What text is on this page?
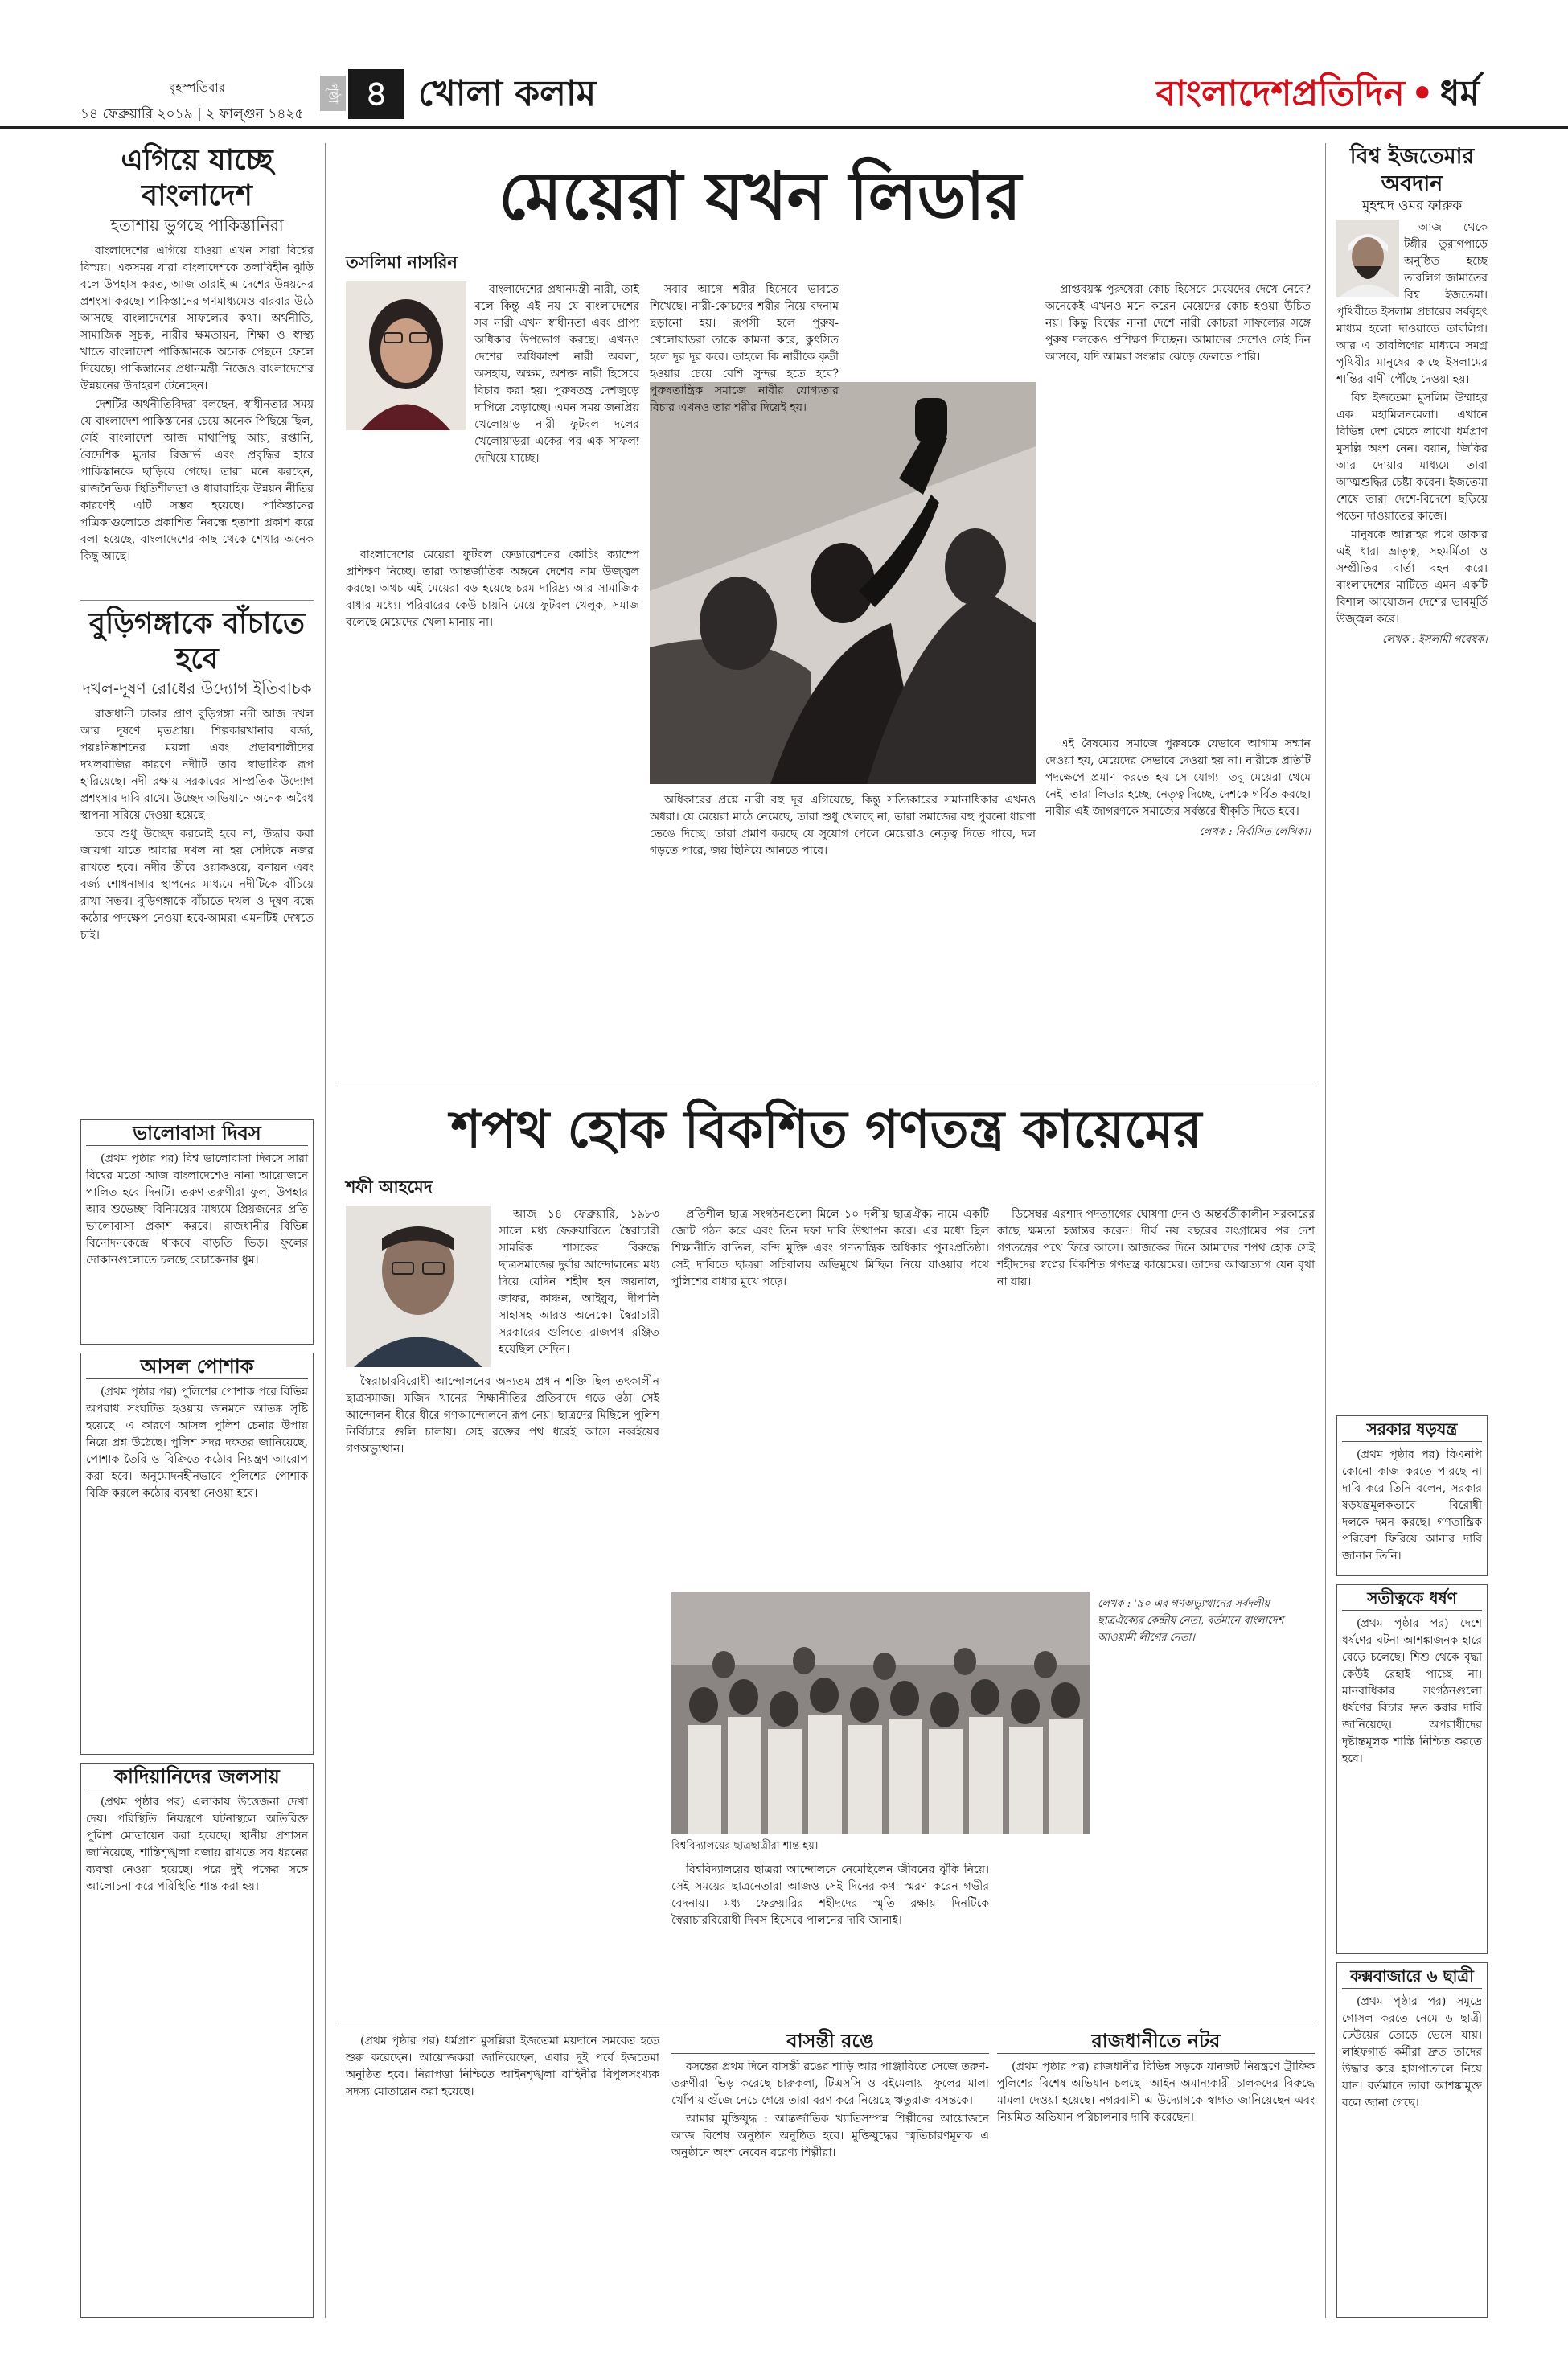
বৃহস্পতিবার
১৪ ফেব্রুয়ারি ২০১৯ | ২ ফাল্গুন ১৪২৫
পৃষ্ঠা ৪ খোলা কলাম	বাংলাদেশপ্রতিদিন • ধর্ম
এগিয়ে যাচ্ছে বাংলাদেশ
হতাশায় ভুগছে পাকিস্তানিরা
বাংলাদেশের এগিয়ে যাওয়া এখন সারা বিশ্বের বিস্ময়। একসময় যারা বাংলাদেশকে তলাবিহীন ঝুড়ি বলে উপহাস করত, আজ তারাই এ দেশের উন্নয়নের প্রশংসা করছে। পাকিস্তানের গণমাধ্যমেও বারবার উঠে আসছে বাংলাদেশের সাফল্যের কথা। অর্থনীতি, সামাজিক সূচক, নারীর ক্ষমতায়ন, শিক্ষা ও স্বাস্থ্য খাতে বাংলাদেশ পাকিস্তানকে অনেক পেছনে ফেলে দিয়েছে। পাকিস্তানের প্রধানমন্ত্রী নিজেও বাংলাদেশের উন্নয়নের উদাহরণ টেনেছেন।
দেশটির অর্থনীতিবিদরা বলছেন, স্বাধীনতার সময় যে বাংলাদেশ পাকিস্তানের চেয়ে অনেক পিছিয়ে ছিল, সেই বাংলাদেশ আজ মাথাপিছু আয়, রপ্তানি, বৈদেশিক মুদ্রার রিজার্ভ এবং প্রবৃদ্ধির হারে পাকিস্তানকে ছাড়িয়ে গেছে। তারা মনে করছেন, রাজনৈতিক স্থিতিশীলতা ও ধারাবাহিক উন্নয়ন নীতির কারণেই এটি সম্ভব হয়েছে। পাকিস্তানের পত্রিকাগুলোতে প্রকাশিত নিবন্ধে হতাশা প্রকাশ করে বলা হয়েছে, বাংলাদেশের কাছ থেকে শেখার অনেক কিছু আছে।
বুড়িগঙ্গাকে বাঁচাতে হবে
দখল-দূষণ রোধের উদ্যোগ ইতিবাচক
রাজধানী ঢাকার প্রাণ বুড়িগঙ্গা নদী আজ দখল আর দূষণে মৃতপ্রায়। শিল্পকারখানার বর্জ্য, পয়ঃনিষ্কাশনের ময়লা এবং প্রভাবশালীদের দখলবাজির কারণে নদীটি তার স্বাভাবিক রূপ হারিয়েছে। নদী রক্ষায় সরকারের সাম্প্রতিক উদ্যোগ প্রশংসার দাবি রাখে। উচ্ছেদ অভিযানে অনেক অবৈধ স্থাপনা সরিয়ে দেওয়া হয়েছে।
তবে শুধু উচ্ছেদ করলেই হবে না, উদ্ধার করা জায়গা যাতে আবার দখল না হয় সেদিকে নজর রাখতে হবে। নদীর তীরে ওয়াকওয়ে, বনায়ন এবং বর্জ্য শোধনাগার স্থাপনের মাধ্যমে নদীটিকে বাঁচিয়ে রাখা সম্ভব। বুড়িগঙ্গাকে বাঁচাতে দখল ও দূষণ বন্ধে কঠোর পদক্ষেপ নেওয়া হবে-আমরা এমনটিই দেখতে চাই।
ভালোবাসা দিবস
(প্রথম পৃষ্ঠার পর) বিশ্ব ভালোবাসা দিবসে সারা বিশ্বের মতো আজ বাংলাদেশেও নানা আয়োজনে পালিত হবে দিনটি। তরুণ-তরুণীরা ফুল, উপহার আর শুভেচ্ছা বিনিময়ের মাধ্যমে প্রিয়জনের প্রতি ভালোবাসা প্রকাশ করবে। রাজধানীর বিভিন্ন বিনোদনকেন্দ্রে থাকবে বাড়তি ভিড়। ফুলের দোকানগুলোতে চলছে বেচাকেনার ধুম।
আসল পোশাক
(প্রথম পৃষ্ঠার পর) পুলিশের পোশাক পরে বিভিন্ন অপরাধ সংঘটিত হওয়ায় জনমনে আতঙ্ক সৃষ্টি হয়েছে। এ কারণে আসল পুলিশ চেনার উপায় নিয়ে প্রশ্ন উঠেছে। পুলিশ সদর দফতর জানিয়েছে, পোশাক তৈরি ও বিক্রিতে কঠোর নিয়ন্ত্রণ আরোপ করা হবে। অনুমোদনহীনভাবে পুলিশের পোশাক বিক্রি করলে কঠোর ব্যবস্থা নেওয়া হবে।
কাদিয়ানিদের জলসায়
(প্রথম পৃষ্ঠার পর) এলাকায় উত্তেজনা দেখা দেয়। পরিস্থিতি নিয়ন্ত্রণে ঘটনাস্থলে অতিরিক্ত পুলিশ মোতায়েন করা হয়েছে। স্থানীয় প্রশাসন জানিয়েছে, শান্তিশৃঙ্খলা বজায় রাখতে সব ধরনের ব্যবস্থা নেওয়া হয়েছে। পরে দুই পক্ষের সঙ্গে আলোচনা করে পরিস্থিতি শান্ত করা হয়।
মেয়েরা যখন লিডার
তসলিমা নাসরিন
বাংলাদেশের প্রধানমন্ত্রী নারী, তাই বলে কিন্তু এই নয় যে বাংলাদেশের সব নারী এখন স্বাধীনতা এবং প্রাপ্য অধিকার উপভোগ করছে। এখনও দেশের অধিকাংশ নারী অবলা, অসহায়, অক্ষম, অশক্ত নারী হিসেবে বিচার করা হয়। পুরুষতন্ত্র দেশজুড়ে দাপিয়ে বেড়াচ্ছে। এমন সময় জনপ্রিয় খেলোয়াড় নারী ফুটবল দলের খেলোয়াড়রা একের পর এক সাফল্য দেখিয়ে যাচ্ছে।
বাংলাদেশের মেয়েরা ফুটবল ফেডারেশনের কোচিং ক্যাম্পে প্রশিক্ষণ নিচ্ছে। তারা আন্তর্জাতিক অঙ্গনে দেশের নাম উজ্জ্বল করছে। অথচ এই মেয়েরা বড় হয়েছে চরম দারিদ্র্য আর সামাজিক বাধার মধ্যে। পরিবারের কেউ চায়নি মেয়ে ফুটবল খেলুক, সমাজ বলেছে মেয়েদের খেলা মানায় না।
সবার আগে শরীর হিসেবে ভাবতে শিখেছে। নারী-কোচদের শরীর নিয়ে বদনাম ছড়ানো হয়। রূপসী হলে পুরুষ-খেলোয়াড়রা তাকে কামনা করে, কুৎসিত হলে দূর দূর করে। তাহলে কি নারীকে কৃতী হওয়ার চেয়ে বেশি সুন্দর হতে হবে? পুরুষতান্ত্রিক সমাজে নারীর যোগ্যতার বিচার এখনও তার শরীর দিয়েই হয়।
অধিকারের প্রশ্নে নারী বহু দূর এগিয়েছে, কিন্তু সত্যিকারের সমানাধিকার এখনও অধরা। যে মেয়েরা মাঠে নেমেছে, তারা শুধু খেলছে না, তারা সমাজের বহু পুরনো ধারণা ভেঙে দিচ্ছে। তারা প্রমাণ করছে যে সুযোগ পেলে মেয়েরাও নেতৃত্ব দিতে পারে, দল গড়তে পারে, জয় ছিনিয়ে আনতে পারে।
প্রাপ্তবয়স্ক পুরুষেরা কোচ হিসেবে মেয়েদের দেখে নেবে? অনেকেই এখনও মনে করেন মেয়েদের কোচ হওয়া উচিত নয়। কিন্তু বিশ্বের নানা দেশে নারী কোচরা সাফল্যের সঙ্গে পুরুষ দলকেও প্রশিক্ষণ দিচ্ছেন। আমাদের দেশেও সেই দিন আসবে, যদি আমরা সংস্কার ঝেড়ে ফেলতে পারি।
এই বৈষম্যের সমাজে পুরুষকে যেভাবে আগাম সম্মান দেওয়া হয়, মেয়েদের সেভাবে দেওয়া হয় না। নারীকে প্রতিটি পদক্ষেপে প্রমাণ করতে হয় সে যোগ্য। তবু মেয়েরা থেমে নেই। তারা লিডার হচ্ছে, নেতৃত্ব দিচ্ছে, দেশকে গর্বিত করছে। নারীর এই জাগরণকে সমাজের সর্বস্তরে স্বীকৃতি দিতে হবে।
লেখক : নির্বাসিত লেখিকা।
শপথ হোক বিকশিত গণতন্ত্র কায়েমের
শফী আহমেদ
আজ ১৪ ফেব্রুয়ারি, ১৯৮৩ সালে মধ্য ফেব্রুয়ারিতে স্বৈরাচারী সামরিক শাসকের বিরুদ্ধে ছাত্রসমাজের দুর্বার আন্দোলনের মধ্য দিয়ে যেদিন শহীদ হন জয়নাল, জাফর, কাঞ্চন, আইয়ুব, দীপালি সাহাসহ আরও অনেকে। স্বৈরাচারী সরকারের গুলিতে রাজপথ রঞ্জিত হয়েছিল সেদিন।
স্বৈরাচারবিরোধী আন্দোলনের অন্যতম প্রধান শক্তি ছিল তৎকালীন ছাত্রসমাজ। মজিদ খানের শিক্ষানীতির প্রতিবাদে গড়ে ওঠা সেই আন্দোলন ধীরে ধীরে গণআন্দোলনে রূপ নেয়। ছাত্রদের মিছিলে পুলিশ নির্বিচারে গুলি চালায়। সেই রক্তের পথ ধরেই আসে নব্বইয়ের গণঅভ্যুত্থান।
প্রতিশীল ছাত্র সংগঠনগুলো মিলে ১০ দলীয় ছাত্রঐক্য নামে একটি জোট গঠন করে এবং তিন দফা দাবি উত্থাপন করে। এর মধ্যে ছিল শিক্ষানীতি বাতিল, বন্দি মুক্তি এবং গণতান্ত্রিক অধিকার পুনঃপ্রতিষ্ঠা। সেই দাবিতে ছাত্ররা সচিবালয় অভিমুখে মিছিল নিয়ে যাওয়ার পথে পুলিশের বাধার মুখে পড়ে।
ডিসেম্বর এরশাদ পদত্যাগের ঘোষণা দেন ও অন্তর্বর্তীকালীন সরকারের কাছে ক্ষমতা হস্তান্তর করেন। দীর্ঘ নয় বছরের সংগ্রামের পর দেশ গণতন্ত্রের পথে ফিরে আসে। আজকের দিনে আমাদের শপথ হোক সেই শহীদদের স্বপ্নের বিকশিত গণতন্ত্র কায়েমের। তাদের আত্মত্যাগ যেন বৃথা না যায়।
বিশ্ববিদ্যালয়ের ছাত্রছাত্রীরা শান্ত হয়।
বিশ্ববিদ্যালয়ের ছাত্ররা আন্দোলনে নেমেছিলেন জীবনের ঝুঁকি নিয়ে। সেই সময়ের ছাত্রনেতারা আজও সেই দিনের কথা স্মরণ করেন গভীর বেদনায়। মধ্য ফেব্রুয়ারির শহীদদের স্মৃতি রক্ষায় দিনটিকে স্বৈরাচারবিরোধী দিবস হিসেবে পালনের দাবি জানাই।
লেখক : '৯০-এর গণঅভ্যুত্থানের সর্বদলীয় ছাত্রঐক্যের কেন্দ্রীয় নেতা, বর্তমানে বাংলাদেশ আওয়ামী লীগের নেতা।
(প্রথম পৃষ্ঠার পর) ধর্মপ্রাণ মুসল্লিরা ইজতেমা ময়দানে সমবেত হতে শুরু করেছেন। আয়োজকরা জানিয়েছেন, এবার দুই পর্বে ইজতেমা অনুষ্ঠিত হবে। নিরাপত্তা নিশ্চিতে আইনশৃঙ্খলা বাহিনীর বিপুলসংখ্যক সদস্য মোতায়েন করা হয়েছে।
বাসন্তী রঙে
বসন্তের প্রথম দিনে বাসন্তী রঙের শাড়ি আর পাঞ্জাবিতে সেজে তরুণ-তরুণীরা ভিড় করেছে চারুকলা, টিএসসি ও বইমেলায়। ফুলের মালা খোঁপায় গুঁজে নেচে-গেয়ে তারা বরণ করে নিয়েছে ঋতুরাজ বসন্তকে।
আমার মুক্তিযুদ্ধ : আন্তর্জাতিক খ্যাতিসম্পন্ন শিল্পীদের আয়োজনে আজ বিশেষ অনুষ্ঠান অনুষ্ঠিত হবে। মুক্তিযুদ্ধের স্মৃতিচারণমূলক এ অনুষ্ঠানে অংশ নেবেন বরেণ্য শিল্পীরা।
রাজধানীতে নটর
(প্রথম পৃষ্ঠার পর) রাজধানীর বিভিন্ন সড়কে যানজট নিয়ন্ত্রণে ট্রাফিক পুলিশের বিশেষ অভিযান চলছে। আইন অমান্যকারী চালকদের বিরুদ্ধে মামলা দেওয়া হয়েছে। নগরবাসী এ উদ্যোগকে স্বাগত জানিয়েছেন এবং নিয়মিত অভিযান পরিচালনার দাবি করেছেন।
বিশ্ব ইজতেমার
অবদান
মুহম্মদ ওমর ফারুক
আজ থেকে টঙ্গীর তুরাগপাড়ে অনুষ্ঠিত হচ্ছে তাবলিগ জামাতের বিশ্ব ইজতেমা। পৃথিবীতে ইসলাম প্রচারের সর্ববৃহৎ মাধ্যম হলো দাওয়াতে তাবলিগ। আর এ তাবলিগের মাধ্যমে সমগ্র পৃথিবীর মানুষের কাছে ইসলামের শান্তির বাণী পৌঁছে দেওয়া হয়।
বিশ্ব ইজতেমা মুসলিম উম্মাহর এক মহামিলনমেলা। এখানে বিভিন্ন দেশ থেকে লাখো ধর্মপ্রাণ মুসল্লি অংশ নেন। বয়ান, জিকির আর দোয়ার মাধ্যমে তারা আত্মশুদ্ধির চেষ্টা করেন। ইজতেমা শেষে তারা দেশে-বিদেশে ছড়িয়ে পড়েন দাওয়াতের কাজে।
মানুষকে আল্লাহর পথে ডাকার এই ধারা ভ্রাতৃত্ব, সহমর্মিতা ও সম্প্রীতির বার্তা বহন করে। বাংলাদেশের মাটিতে এমন একটি বিশাল আয়োজন দেশের ভাবমূর্তি উজ্জ্বল করে।
লেখক : ইসলামী গবেষক।
সরকার ষড়যন্ত্র
(প্রথম পৃষ্ঠার পর) বিএনপি কোনো কাজ করতে পারছে না দাবি করে তিনি বলেন, সরকার ষড়যন্ত্রমূলকভাবে বিরোধী দলকে দমন করছে। গণতান্ত্রিক পরিবেশ ফিরিয়ে আনার দাবি জানান তিনি।
সতীত্বকে ধর্ষণ
(প্রথম পৃষ্ঠার পর) দেশে ধর্ষণের ঘটনা আশঙ্কাজনক হারে বেড়ে চলেছে। শিশু থেকে বৃদ্ধা কেউই রেহাই পাচ্ছে না। মানবাধিকার সংগঠনগুলো ধর্ষণের বিচার দ্রুত করার দাবি জানিয়েছে। অপরাধীদের দৃষ্টান্তমূলক শাস্তি নিশ্চিত করতে হবে।
কক্সবাজারে ৬ ছাত্রী
(প্রথম পৃষ্ঠার পর) সমুদ্রে গোসল করতে নেমে ৬ ছাত্রী ঢেউয়ের তোড়ে ভেসে যায়। লাইফগার্ড কর্মীরা দ্রুত তাদের উদ্ধার করে হাসপাতালে নিয়ে যান। বর্তমানে তারা আশঙ্কামুক্ত বলে জানা গেছে।
